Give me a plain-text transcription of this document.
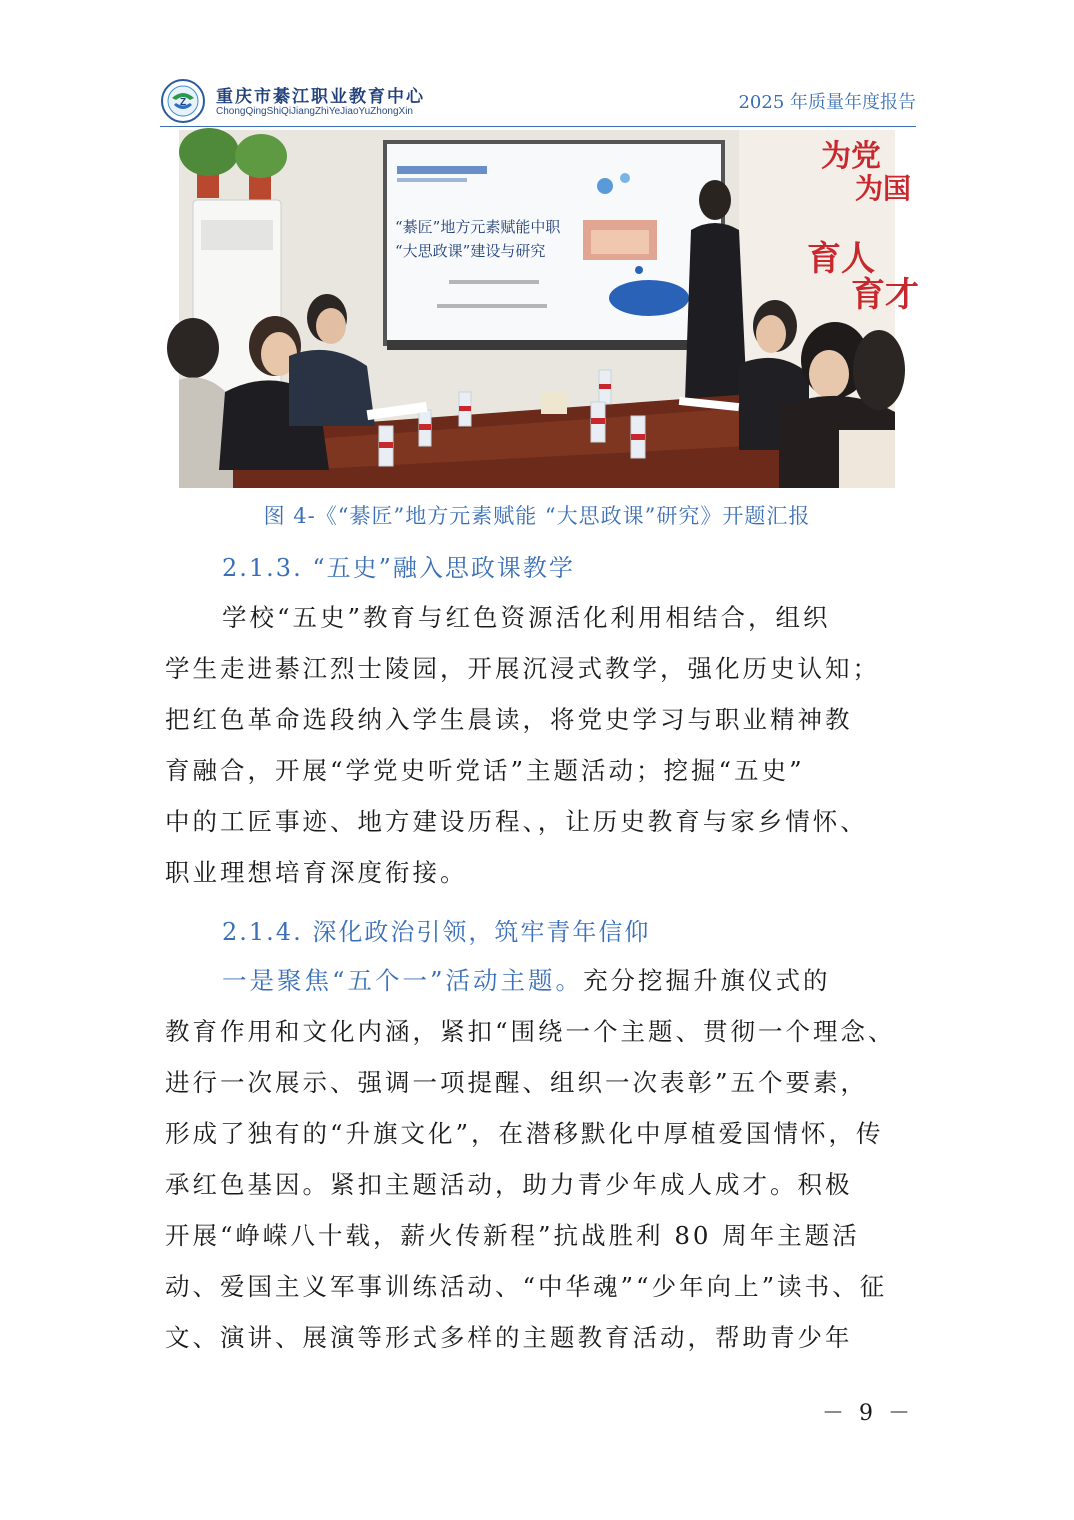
Z 重庆市綦江职业教育中心
ChongQingShiQiJiangZhiYeJiaoYuZhongXin	2025 年质量年度报告
“綦匠”地方元素赋能中职
“大思政课”建设与研究
为党
育人
为国
育才
图 4-《“綦匠”地方元素赋能 “大思政课”研究》开题汇报
2.1.3. “五史”融入思政课教学
学校“五史”教育与红色资源活化利用相结合，组织
学生走进綦江烈士陵园，开展沉浸式教学，强化历史认知；
把红色革命选段纳入学生晨读，将党史学习与职业精神教
育融合，开展“学党史听党话”主题活动；挖掘“五史”
中的工匠事迹、地方建设历程、，让历史教育与家乡情怀、
职业理想培育深度衔接。
2.1.4. 深化政治引领，筑牢青年信仰
一是聚焦“五个一”活动主题。充分挖掘升旗仪式的
教育作用和文化内涵，紧扣“围绕一个主题、贯彻一个理念、
进行一次展示、强调一项提醒、组织一次表彰”五个要素，
形成了独有的“升旗文化”，在潜移默化中厚植爱国情怀，传
承红色基因。紧扣主题活动，助力青少年成人成才。积极
开展“峥嵘八十载，薪火传新程”抗战胜利 80 周年主题活
动、爱国主义军事训练活动、“中华魂”“少年向上”读书、征
文、演讲、展演等形式多样的主题教育活动，帮助青少年
－ 9 －
